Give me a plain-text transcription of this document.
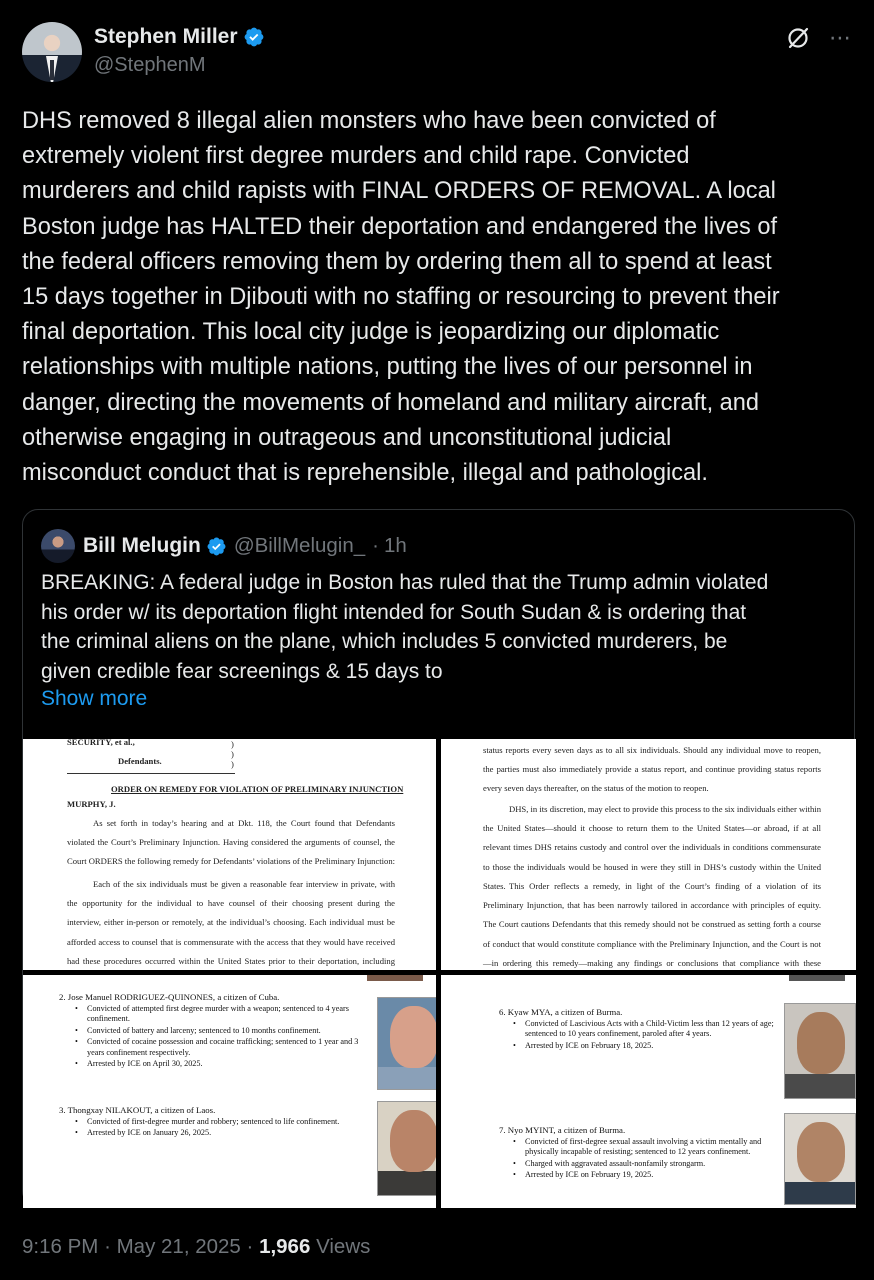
Stephen Miller
@StephenM
⋯
DHS removed 8 illegal alien monsters who have been convicted of
extremely violent first degree murders and child rape. Convicted
murderers and child rapists with FINAL ORDERS OF REMOVAL. A local
Boston judge has HALTED their deportation and endangered the lives of
the federal officers removing them by ordering them all to spend at least
15 days together in Djibouti with no staffing or resourcing to prevent their
final deportation. This local city judge is jeopardizing our diplomatic
relationships with multiple nations, putting the lives of our personnel in
danger, directing the movements of homeland and military aircraft, and
otherwise engaging in outrageous and unconstitutional judicial
misconduct conduct that is reprehensible, illegal and pathological.
Bill Melugin @BillMelugin_ · 1h
BREAKING: A federal judge in Boston has ruled that the Trump admin violated
his order w/ its deportation flight intended for South Sudan & is ordering that
the criminal aliens on the plane, which includes 5 convicted murderers, be
given credible fear screenings & 15 days to
Show more
SECURITY, et al.,	)
)
Defendants.	)
ORDER ON REMEDY FOR VIOLATION OF PRELIMINARY INJUNCTION
MURPHY, J.
As set forth in today’s hearing and at Dkt. 118, the Court found that Defendants violated the Court’s Preliminary Injunction. Having considered the arguments of counsel, the Court ORDERS the following remedy for Defendants’ violations of the Preliminary Injunction:
Each of the six individuals must be given a reasonable fear interview in private, with the opportunity for the individual to have counsel of their choosing present during the interview, either in-person or remotely, at the individual’s choosing. Each individual must be afforded access to counsel that is commensurate with the access that they would have received had these procedures occurred within the United States prior to their deportation, including
status reports every seven days as to all six individuals. Should any individual move to reopen, the parties must also immediately provide a status report, and continue providing status reports every seven days thereafter, on the status of the motion to reopen.
DHS, in its discretion, may elect to provide this process to the six individuals either within the United States—should it choose to return them to the United States—or abroad, if at all relevant times DHS retains custody and control over the individuals in conditions commensurate to those the individuals would be housed in were they still in DHS’s custody within the United States. This Order reflects a remedy, in light of the Court’s finding of a violation of its Preliminary Injunction, that has been narrowly tailored in accordance with principles of equity. The Court cautions Defendants that this remedy should not be construed as setting forth a course of conduct that would constitute compliance with the Preliminary Injunction, and the Court is not—in ordering this remedy—making any findings or conclusions that compliance with these
2. Jose Manuel RODRIGUEZ-QUINONES, a citizen of Cuba.
• Convicted of attempted first degree murder with a weapon; sentenced to 4 years confinement.
• Convicted of battery and larceny; sentenced to 10 months confinement.
• Convicted of cocaine possession and cocaine trafficking; sentenced to 1 year and 3 years confinement respectively.
• Arrested by ICE on April 30, 2025.
3. Thongxay NILAKOUT, a citizen of Laos.
• Convicted of first-degree murder and robbery; sentenced to life confinement.
• Arrested by ICE on January 26, 2025.
6. Kyaw MYA, a citizen of Burma.
• Convicted of Lascivious Acts with a Child-Victim less than 12 years of age; sentenced to 10 years confinement, paroled after 4 years.
• Arrested by ICE on February 18, 2025.
7. Nyo MYINT, a citizen of Burma.
• Convicted of first-degree sexual assault involving a victim mentally and physically incapable of resisting; sentenced to 12 years confinement.
• Charged with aggravated assault-nonfamily strongarm.
• Arrested by ICE on February 19, 2025.
9:16 PM · May 21, 2025 · 1,966 Views
